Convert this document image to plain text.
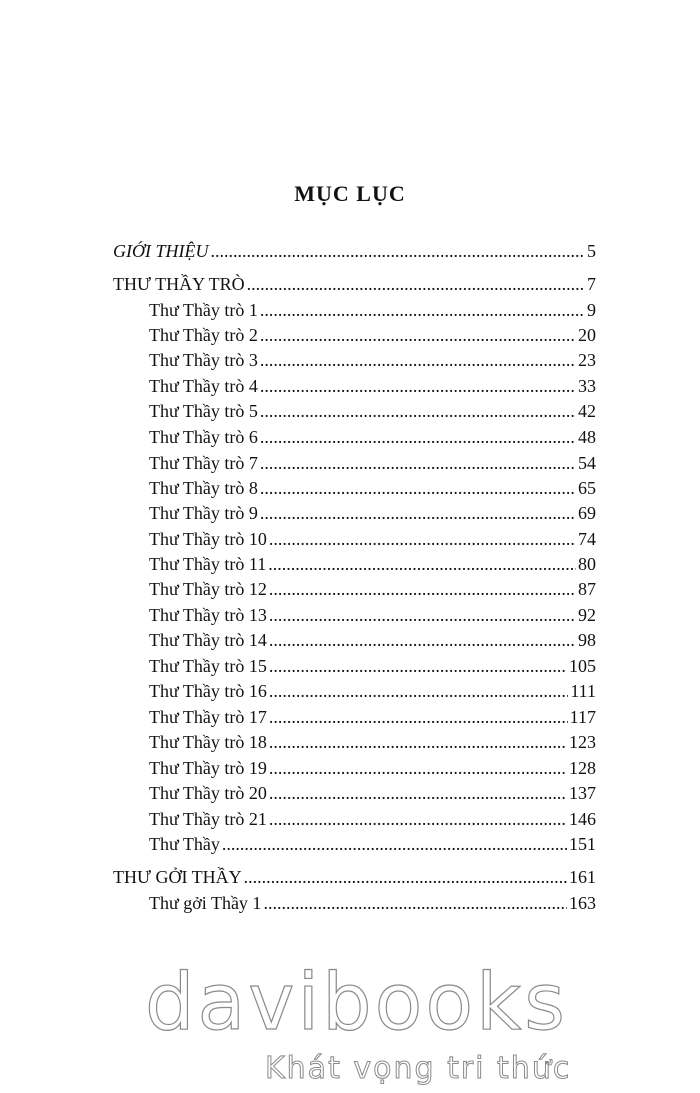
MỤC LỤC
GIỚI THIỆU .....	5
THƯ THẦY TRÒ .....	7
Thư Thầy trò 1 .....	9
Thư Thầy trò 2 .....	20
Thư Thầy trò 3 .....	23
Thư Thầy trò 4 .....	33
Thư Thầy trò 5 .....	42
Thư Thầy trò 6 .....	48
Thư Thầy trò 7 .....	54
Thư Thầy trò 8 .....	65
Thư Thầy trò 9 .....	69
Thư Thầy trò 10 .....	74
Thư Thầy trò 11 .....	80
Thư Thầy trò 12 .....	87
Thư Thầy trò 13 .....	92
Thư Thầy trò 14 .....	98
Thư Thầy trò 15 .....	105
Thư Thầy trò 16 .....	111
Thư Thầy trò 17 .....	117
Thư Thầy trò 18 .....	123
Thư Thầy trò 19 .....	128
Thư Thầy trò 20 .....	137
Thư Thầy trò 21 .....	146
Thư Thầy .....	151
THƯ GỞI THẦY .....	161
Thư gởi Thầy 1 .....	163
davibooks
Khát vọng tri thức
